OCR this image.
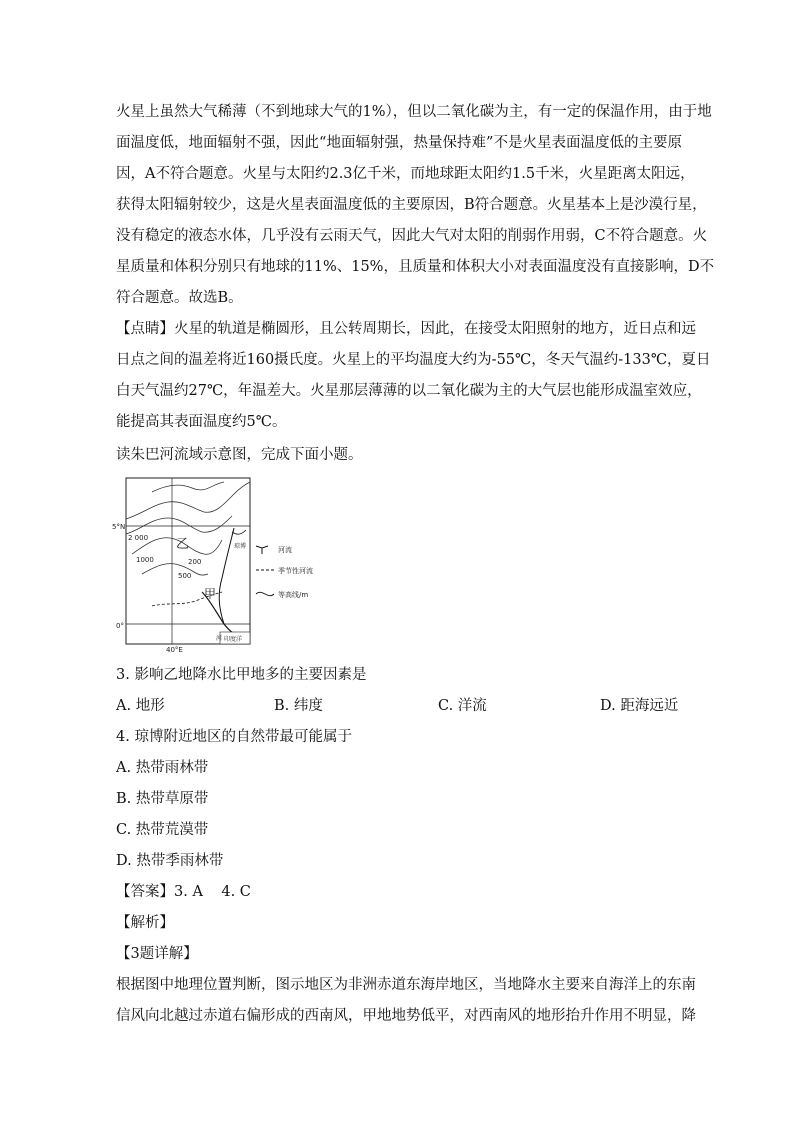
火星上虽然大气稀薄（不到地球大气的1%），但以二氧化碳为主，有一定的保温作用，由于地
面温度低，地面辐射不强，因此“地面辐射强，热量保持难”不是火星表面温度低的主要原
因，A不符合题意。火星与太阳约2.3亿千米，而地球距太阳约1.5千米，火星距离太阳远，
获得太阳辐射较少，这是火星表面温度低的主要原因，B符合题意。火星基本上是沙漠行星，
没有稳定的液态水体，几乎没有云雨天气，因此大气对太阳的削弱作用弱，C不符合题意。火
星质量和体积分别只有地球的11%、15%，且质量和体积大小对表面温度没有直接影响，D不
符合题意。故选B。
【点睛】火星的轨道是椭圆形，且公转周期长，因此，在接受太阳照射的地方，近日点和远
日点之间的温差将近160摄氏度。火星上的平均温度大约为-55℃，冬天气温约-133℃，夏日
白天气温约27℃，年温差大。火星那层薄薄的以二氧化碳为主的大气层也能形成温室效应，
能提高其表面温度约5℃。
读朱巴河流域示意图，完成下面小题。
5°N
0°
40°E
2 000
1000
500
200
乙
甲
琼博
河 印度洋
河流
季节性河流
等高线/m
3. 影响乙地降水比甲地多的主要因素是
A. 地形	B. 纬度	C. 洋流	D. 距海远近
4. 琼博附近地区的自然带最可能属于
A. 热带雨林带
B. 热带草原带
C. 热带荒漠带
D. 热带季雨林带
【答案】3. A    4. C
【解析】
【3题详解】
根据图中地理位置判断，图示地区为非洲赤道东海岸地区，当地降水主要来自海洋上的东南
信风向北越过赤道右偏形成的西南风，甲地地势低平，对西南风的地形抬升作用不明显，降
